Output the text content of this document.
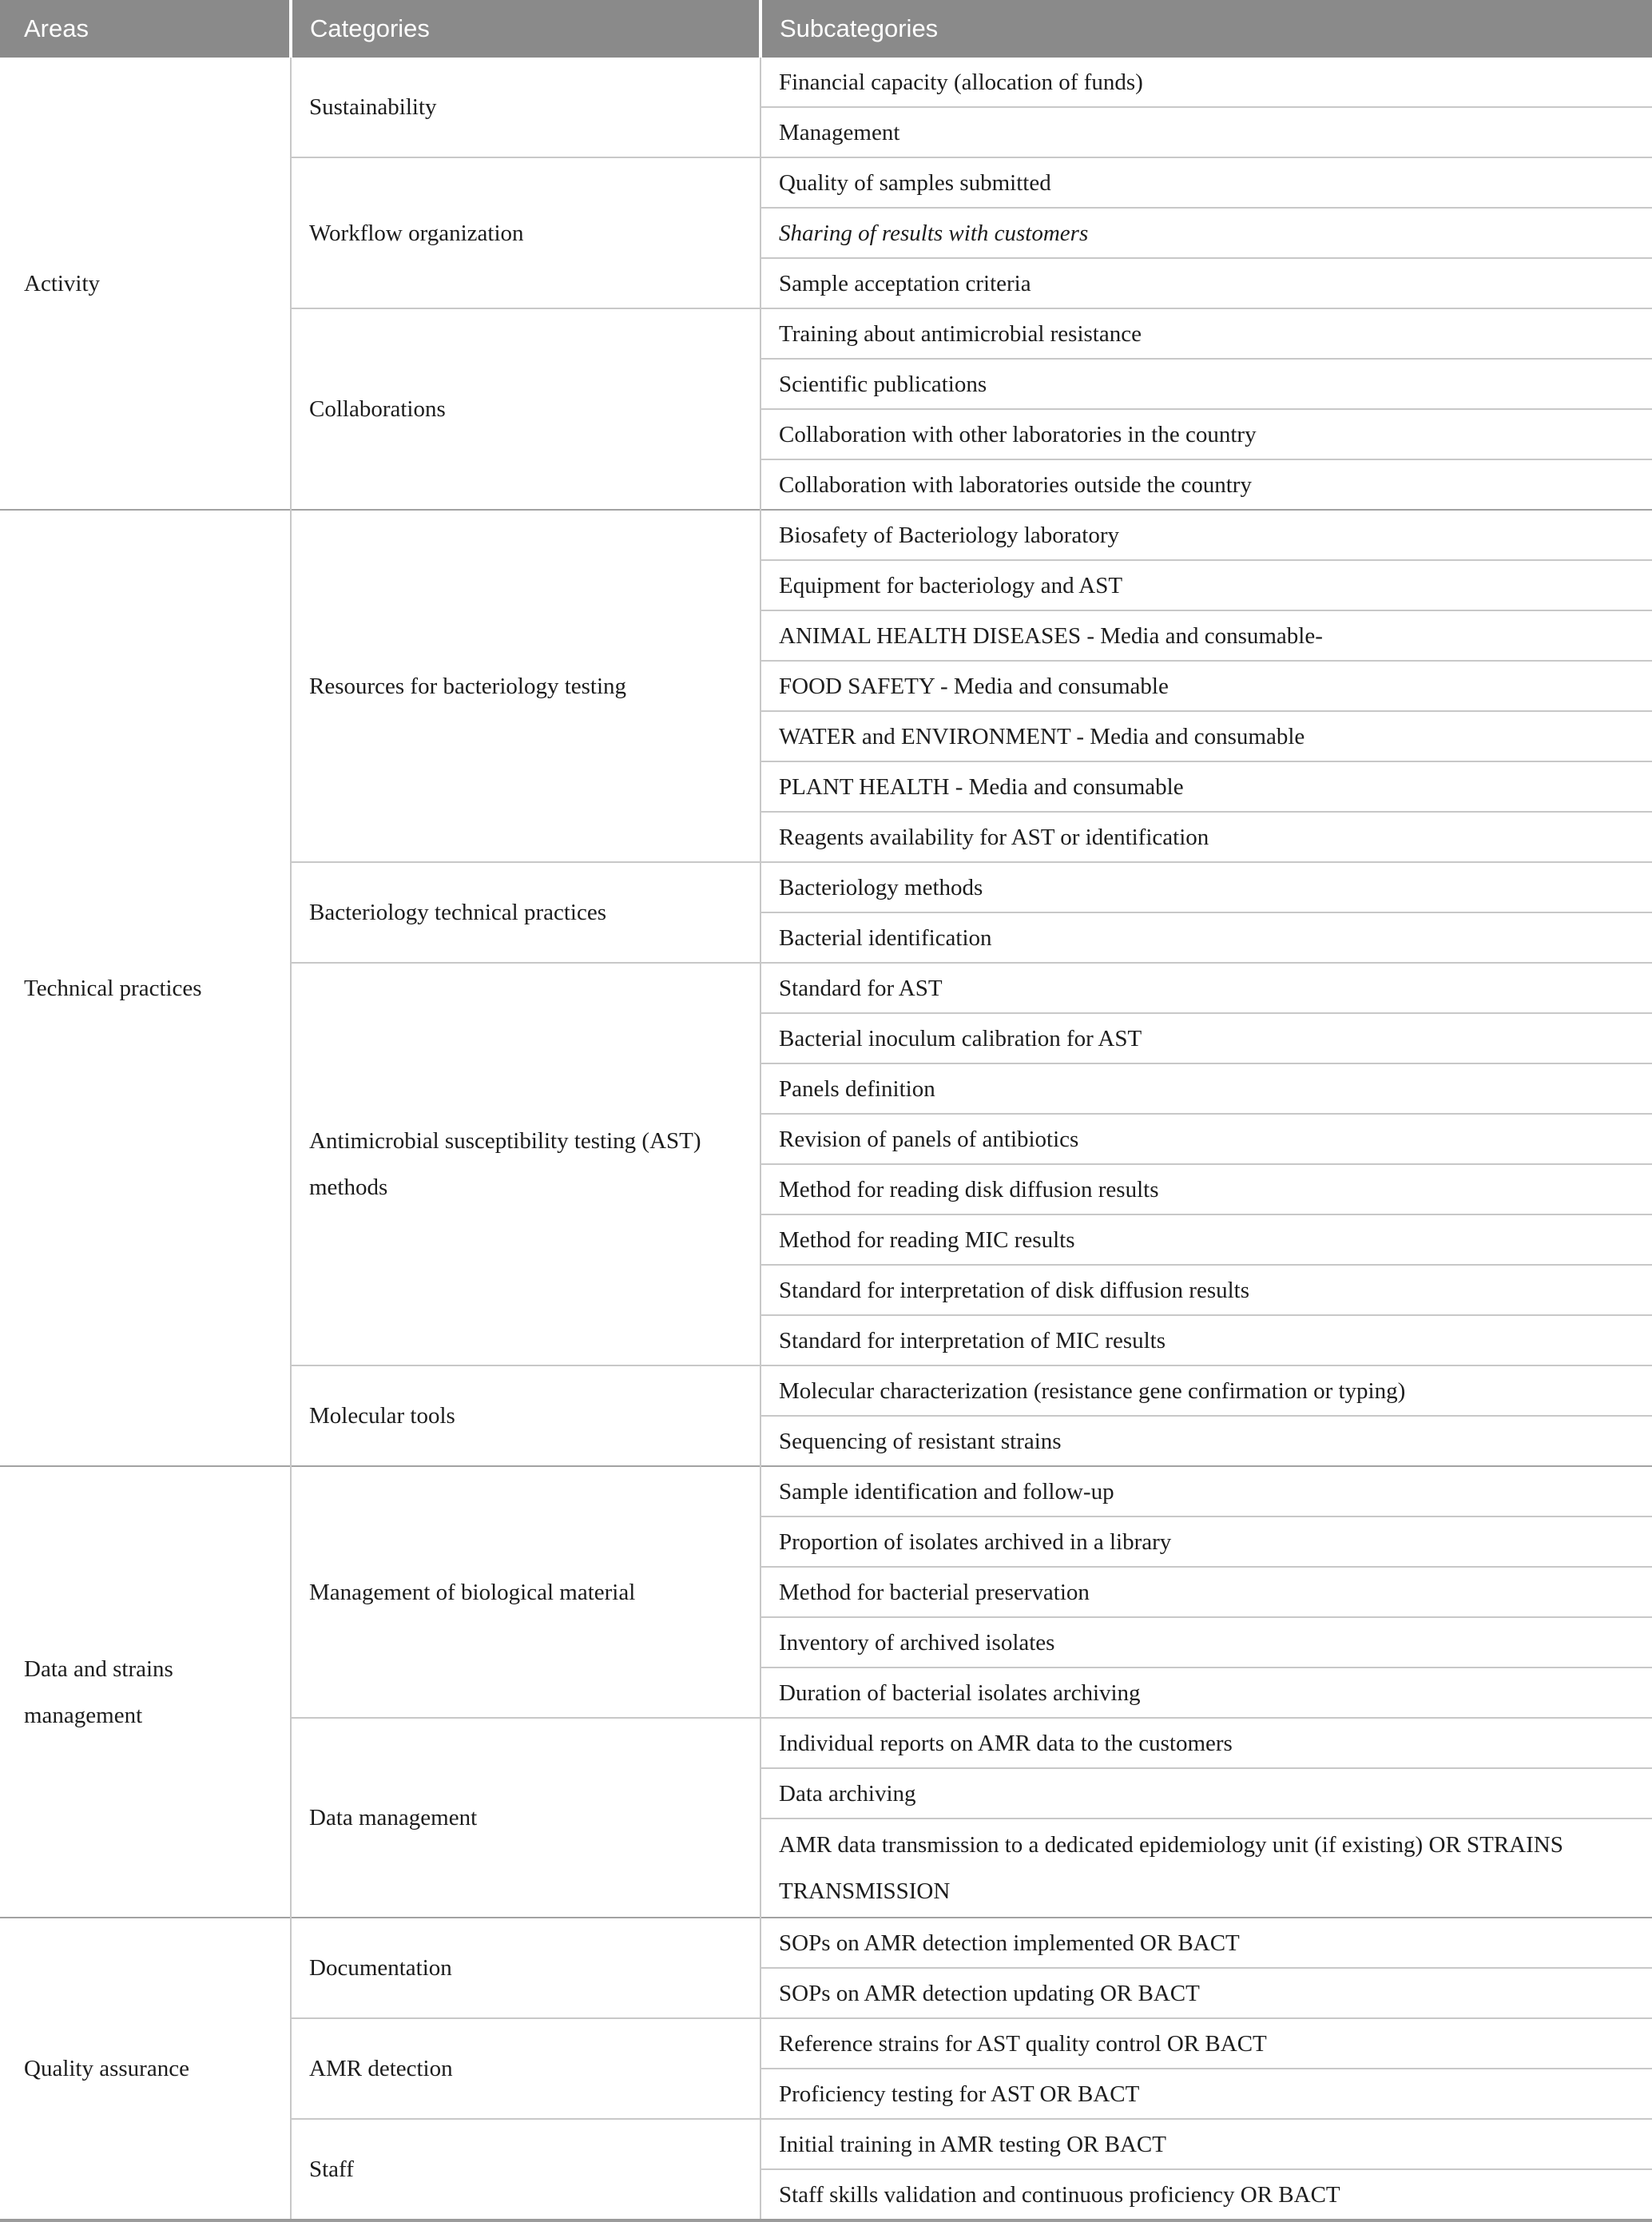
Areas	Categories	Subcategories
Activity	Sustainability	Financial capacity (allocation of funds)
		Management
	Workflow organization	Quality of samples submitted
		Sharing of results with customers
		Sample acceptation criteria
	Collaborations	Training about antimicrobial resistance
		Scientific publications
		Collaboration with other laboratories in the country
		Collaboration with laboratories outside the country
Technical practices	Resources for bacteriology testing	Biosafety of Bacteriology laboratory
		Equipment for bacteriology and AST
		ANIMAL HEALTH DISEASES - Media and consumable-
		FOOD SAFETY - Media and consumable
		WATER and ENVIRONMENT - Media and consumable
		PLANT HEALTH - Media and consumable
		Reagents availability for AST or identification
	Bacteriology technical practices	Bacteriology methods
		Bacterial identification
	Antimicrobial susceptibility testing (AST) methods	Standard for AST
		Bacterial inoculum calibration for AST
		Panels definition
		Revision of panels of antibiotics
		Method for reading disk diffusion results
		Method for reading MIC results
		Standard for interpretation of disk diffusion results
		Standard for interpretation of MIC results
	Molecular tools	Molecular characterization (resistance gene confirmation or typing)
		Sequencing of resistant strains
Data and strains management	Management of biological material	Sample identification and follow-up
		Proportion of isolates archived in a library
		Method for bacterial preservation
		Inventory of archived isolates
		Duration of bacterial isolates archiving
	Data management	Individual reports on AMR data to the customers
		Data archiving
		AMR data transmission to a dedicated epidemiology unit (if existing) OR STRAINS TRANSMISSION
Quality assurance	Documentation	SOPs on AMR detection implemented OR BACT
		SOPs on AMR detection updating OR BACT
	AMR detection	Reference strains for AST quality control OR BACT
		Proficiency testing for AST OR BACT
	Staff	Initial training in AMR testing OR BACT
		Staff skills validation and continuous proficiency OR BACT
